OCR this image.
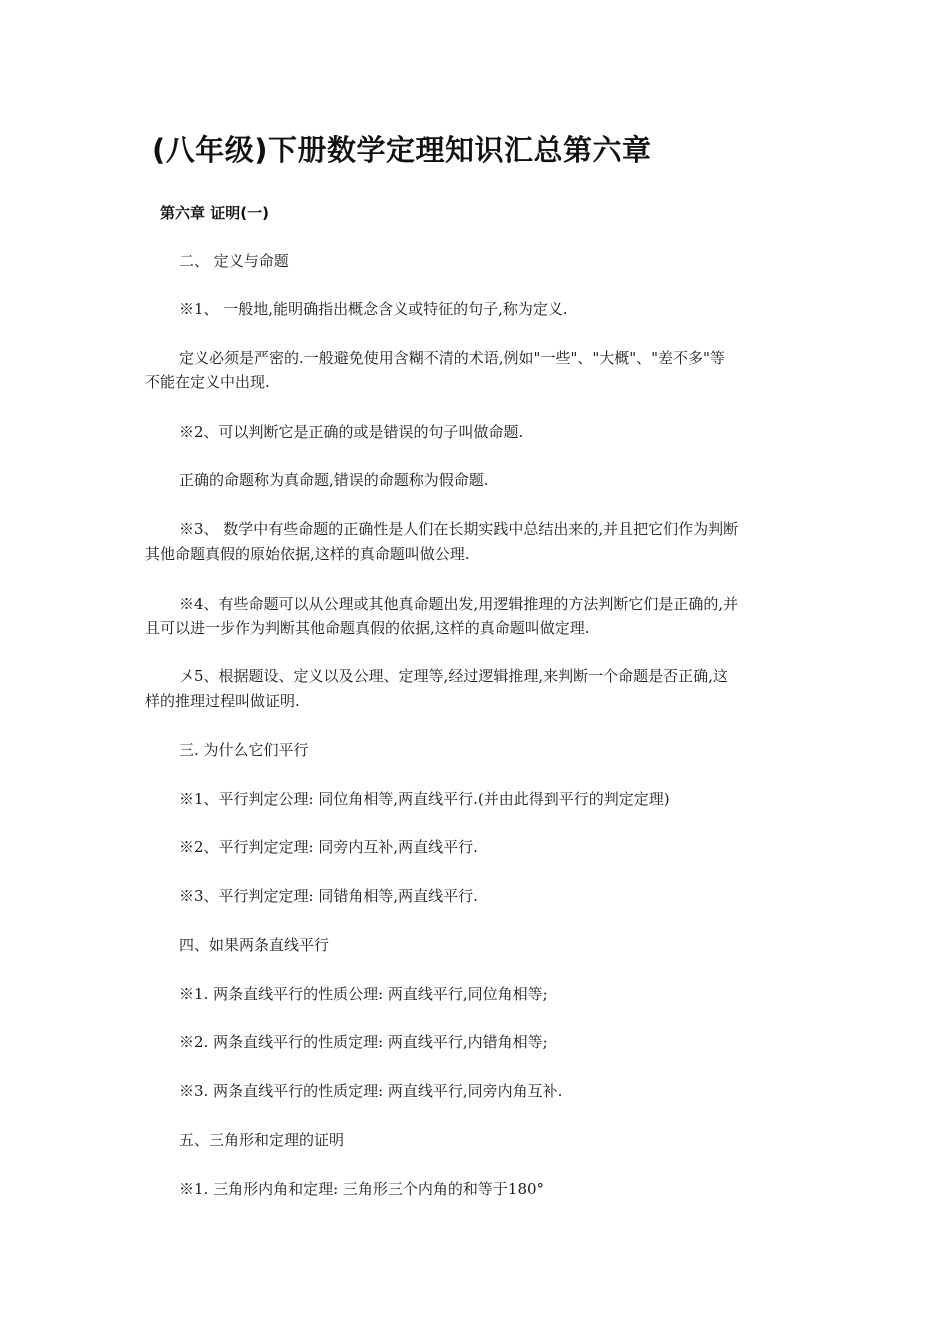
(八年级)下册数学定理知识汇总第六章
第六章 证明(一)

二、 定义与命题

※1、 一般地,能明确指出概念含义或特征的句子,称为定义.

定义必须是严密的.一般避免使用含糊不清的术语,例如"一些"、"大概"、"差不多"等

不能在定义中出现.

※2、可以判断它是正确的或是错误的句子叫做命题.

正确的命题称为真命题,错误的命题称为假命题.

※3、 数学中有些命题的正确性是人们在长期实践中总结出来的,并且把它们作为判断

其他命题真假的原始依据,这样的真命题叫做公理.

※4、有些命题可以从公理或其他真命题出发,用逻辑推理的方法判断它们是正确的,并

且可以进一步作为判断其他命题真假的依据,这样的真命题叫做定理.

〤5、根据题设、定义以及公理、定理等,经过逻辑推理,来判断一个命题是否正确,这

样的推理过程叫做证明.

三. 为什么它们平行

※1、平行判定公理: 同位角相等,两直线平行.(并由此得到平行的判定定理)

※2、平行判定定理: 同旁内互补,两直线平行.

※3、平行判定定理: 同错角相等,两直线平行.

四、如果两条直线平行

※1. 两条直线平行的性质公理: 两直线平行,同位角相等;

※2. 两条直线平行的性质定理: 两直线平行,内错角相等;

※3. 两条直线平行的性质定理: 两直线平行,同旁内角互补.

五、三角形和定理的证明

※1. 三角形内角和定理: 三角形三个内角的和等于180°
